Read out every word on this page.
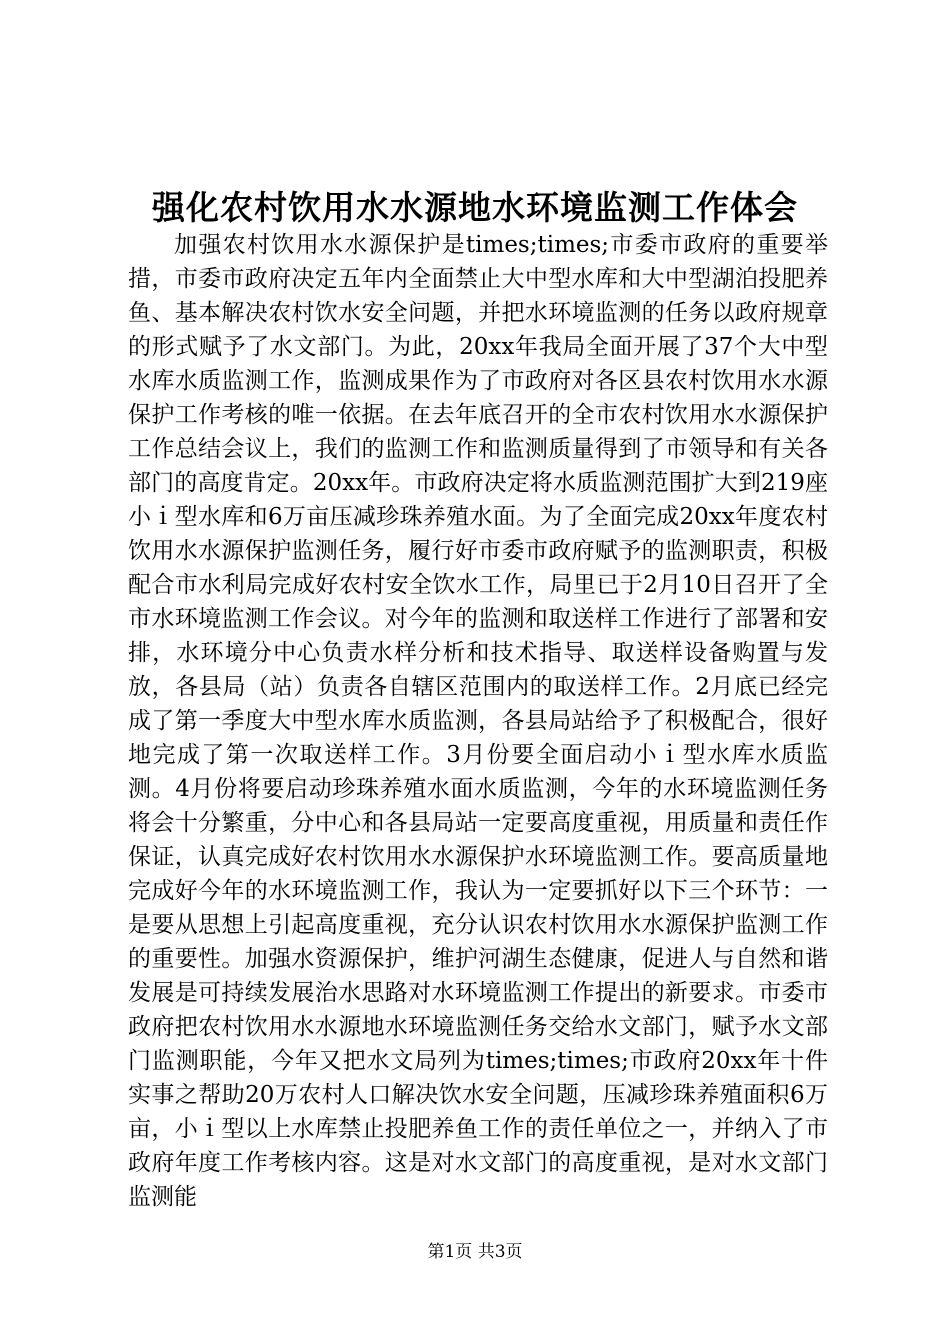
强化农村饮用水水源地水环境监测工作体会

加强农村饮用水水源保护是times;times;市委市政府的重要举措，市委市政府决定五年内全面禁止大中型水库和大中型湖泊投肥养鱼、基本解决农村饮水安全问题，并把水环境监测的任务以政府规章的形式赋予了水文部门。为此，20xx年我局全面开展了37个大中型水库水质监测工作，监测成果作为了市政府对各区县农村饮用水水源保护工作考核的唯一依据。在去年底召开的全市农村饮用水水源保护工作总结会议上，我们的监测工作和监测质量得到了市领导和有关各部门的高度肯定。20xx年。市政府决定将水质监测范围扩大到219座小ｉ型水库和6万亩压减珍珠养殖水面。为了全面完成20xx年度农村饮用水水源保护监测任务，履行好市委市政府赋予的监测职责，积极配合市水利局完成好农村安全饮水工作，局里已于2月10日召开了全市水环境监测工作会议。对今年的监测和取送样工作进行了部署和安排，水环境分中心负责水样分析和技术指导、取送样设备购置与发放，各县局（站）负责各自辖区范围内的取送样工作。2月底已经完成了第一季度大中型水库水质监测，各县局站给予了积极配合，很好地完成了第一次取送样工作。3月份要全面启动小ｉ型水库水质监测。4月份将要启动珍珠养殖水面水质监测，今年的水环境监测任务将会十分繁重，分中心和各县局站一定要高度重视，用质量和责任作保证，认真完成好农村饮用水水源保护水环境监测工作。要高质量地完成好今年的水环境监测工作，我认为一定要抓好以下三个环节：一是要从思想上引起高度重视，充分认识农村饮用水水源保护监测工作的重要性。加强水资源保护，维护河湖生态健康，促进人与自然和谐发展是可持续发展治水思路对水环境监测工作提出的新要求。市委市政府把农村饮用水水源地水环境监测任务交给水文部门，赋予水文部门监测职能，今年又把水文局列为times;times;市政府20xx年十件实事之帮助20万农村人口解决饮水安全问题，压减珍珠养殖面积6万亩，小ｉ型以上水库禁止投肥养鱼工作的责任单位之一，并纳入了市政府年度工作考核内容。这是对水文部门的高度重视，是对水文部门监测能

第1页 共3页
